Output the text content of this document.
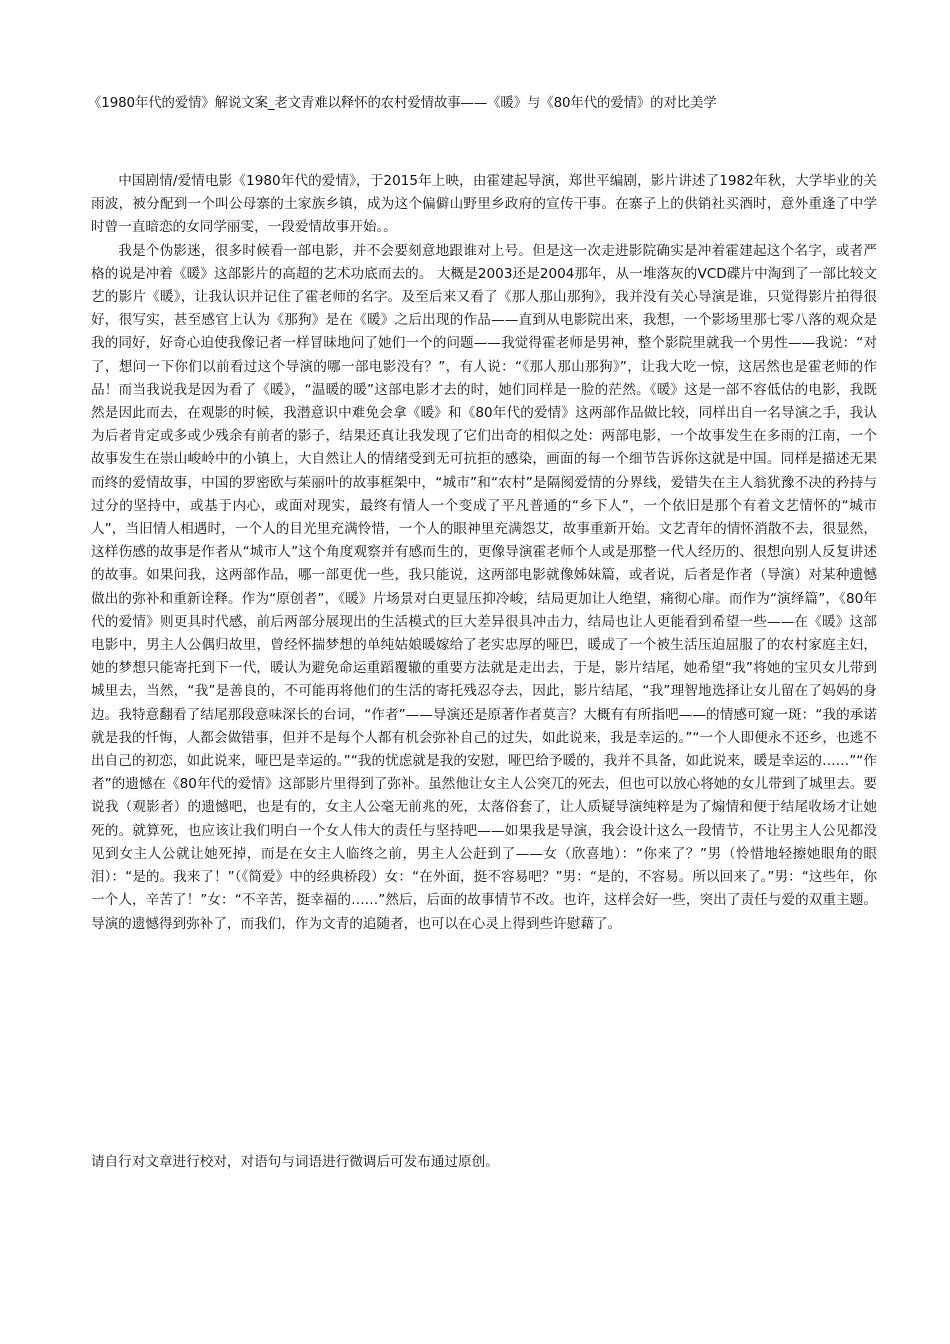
《1980年代的爱情》解说文案_老文青难以释怀的农村爱情故事——《暖》与《80年代的爱情》的对比美学

中国剧情/爱情电影《1980年代的爱情》，于2015年上映，由霍建起导演，郑世平编剧，影片讲述了1982年秋，大学毕业的关雨波，被分配到一个叫公母寨的土家族乡镇，成为这个偏僻山野里乡政府的宣传干事。在寨子上的供销社买酒时，意外重逢了中学时曾一直暗恋的女同学丽雯，一段爱情故事开始。。

我是个伪影迷，很多时候看一部电影，并不会要刻意地跟谁对上号。但是这一次走进影院确实是冲着霍建起这个名字，或者严格的说是冲着《暖》这部影片的高超的艺术功底而去的。 大概是2003还是2004那年，从一堆落灰的VCD碟片中淘到了一部比较文艺的影片《暖》，让我认识并记住了霍老师的名字。及至后来又看了《那人那山那狗》，我并没有关心导演是谁，只觉得影片拍得很好，很写实，甚至感官上认为《那狗》是在《暖》之后出现的作品——直到从电影院出来，我想，一个影场里那七零八落的观众是我的同好，好奇心迫使我像记者一样冒昧地问了她们一个的问题——我觉得霍老师是男神，整个影院里就我一个男性——我说：“对了，想问一下你们以前看过这个导演的哪一部电影没有？”，有人说：“《那人那山那狗》”，让我大吃一惊，这居然也是霍老师的作品！而当我说我是因为看了《暖》，“温暖的暖”这部电影才去的时，她们同样是一脸的茫然。《暖》这是一部不容低估的电影，我既然是因此而去，在观影的时候，我潜意识中难免会拿《暖》和《80年代的爱情》这两部作品做比较，同样出自一名导演之手，我认为后者肯定或多或少残余有前者的影子，结果还真让我发现了它们出奇的相似之处：两部电影，一个故事发生在多雨的江南，一个故事发生在崇山峻岭中的小镇上，大自然让人的情绪受到无可抗拒的感染，画面的每一个细节告诉你这就是中国。同样是描述无果而终的爱情故事，中国的罗密欧与茱丽叶的故事框架中，“城市”和“农村”是隔阂爱情的分界线，爱错失在主人翁犹豫不决的矜持与过分的坚持中，或基于内心，或面对现实，最终有情人一个变成了平凡普通的“乡下人”，一个依旧是那个有着文艺情怀的“城市人”，当旧情人相遇时，一个人的目光里充满怜惜，一个人的眼神里充满怨艾，故事重新开始。文艺青年的情怀消散不去，很显然，这样伤感的故事是作者从“城市人”这个角度观察并有感而生的，更像导演霍老师个人或是那整一代人经历的、很想向别人反复讲述的故事。如果问我，这两部作品，哪一部更优一些，我只能说，这两部电影就像姊妹篇，或者说，后者是作者（导演）对某种遗憾做出的弥补和重新诠释。作为“原创者”，《暖》片场景对白更显压抑冷峻，结局更加让人绝望，痛彻心扉。而作为“演绎篇”，《80年代的爱情》则更具时代感，前后两部分展现出的生活模式的巨大差异很具冲击力，结局也让人更能看到希望一些——在《暖》这部电影中，男主人公偶归故里，曾经怀揣梦想的单纯姑娘暖嫁给了老实忠厚的哑巴，暖成了一个被生活压迫屈服了的农村家庭主妇，她的梦想只能寄托到下一代，暖认为避免命运重蹈覆辙的重要方法就是走出去，于是，影片结尾，她希望“我”将她的宝贝女儿带到城里去，当然，“我”是善良的，不可能再将他们的生活的寄托残忍夺去，因此，影片结尾，“我”理智地选择让女儿留在了妈妈的身边。我特意翻看了结尾那段意味深长的台词，“作者”——导演还是原著作者莫言？大概有有所指吧——的情感可窥一斑：“我的承诺就是我的忏悔，人都会做错事，但并不是每个人都有机会弥补自己的过失，如此说来，我是幸运的。”“一个人即便永不还乡，也逃不出自己的初恋，如此说来，哑巴是幸运的。”“我的忧虑就是我的安慰，哑巴给予暖的，我并不具备，如此说来，暖是幸运的……”“作者”的遗憾在《80年代的爱情》这部影片里得到了弥补。虽然他让女主人公突兀的死去，但也可以放心将她的女儿带到了城里去。要说我（观影者）的遗憾吧，也是有的，女主人公毫无前兆的死，太落俗套了，让人质疑导演纯粹是为了煽情和便于结尾收场才让她死的。就算死，也应该让我们明白一个女人伟大的责任与坚持吧——如果我是导演，我会设计这么一段情节，不让男主人公见都没见到女主人公就让她死掉，而是在女主人临终之前，男主人公赶到了——女（欣喜地）：“你来了？”男（怜惜地轻擦她眼角的眼泪）：“是的。我来了！”（《简爱》中的经典桥段）女：“在外面，挺不容易吧？”男：“是的，不容易。所以回来了。”男：“这些年，你一个人，辛苦了！”女：“不辛苦，挺幸福的……”然后，后面的故事情节不改。也许，这样会好一些，突出了责任与爱的双重主题。导演的遗憾得到弥补了，而我们，作为文青的追随者，也可以在心灵上得到些许慰藉了。

请自行对文章进行校对，对语句与词语进行微调后可发布通过原创。
